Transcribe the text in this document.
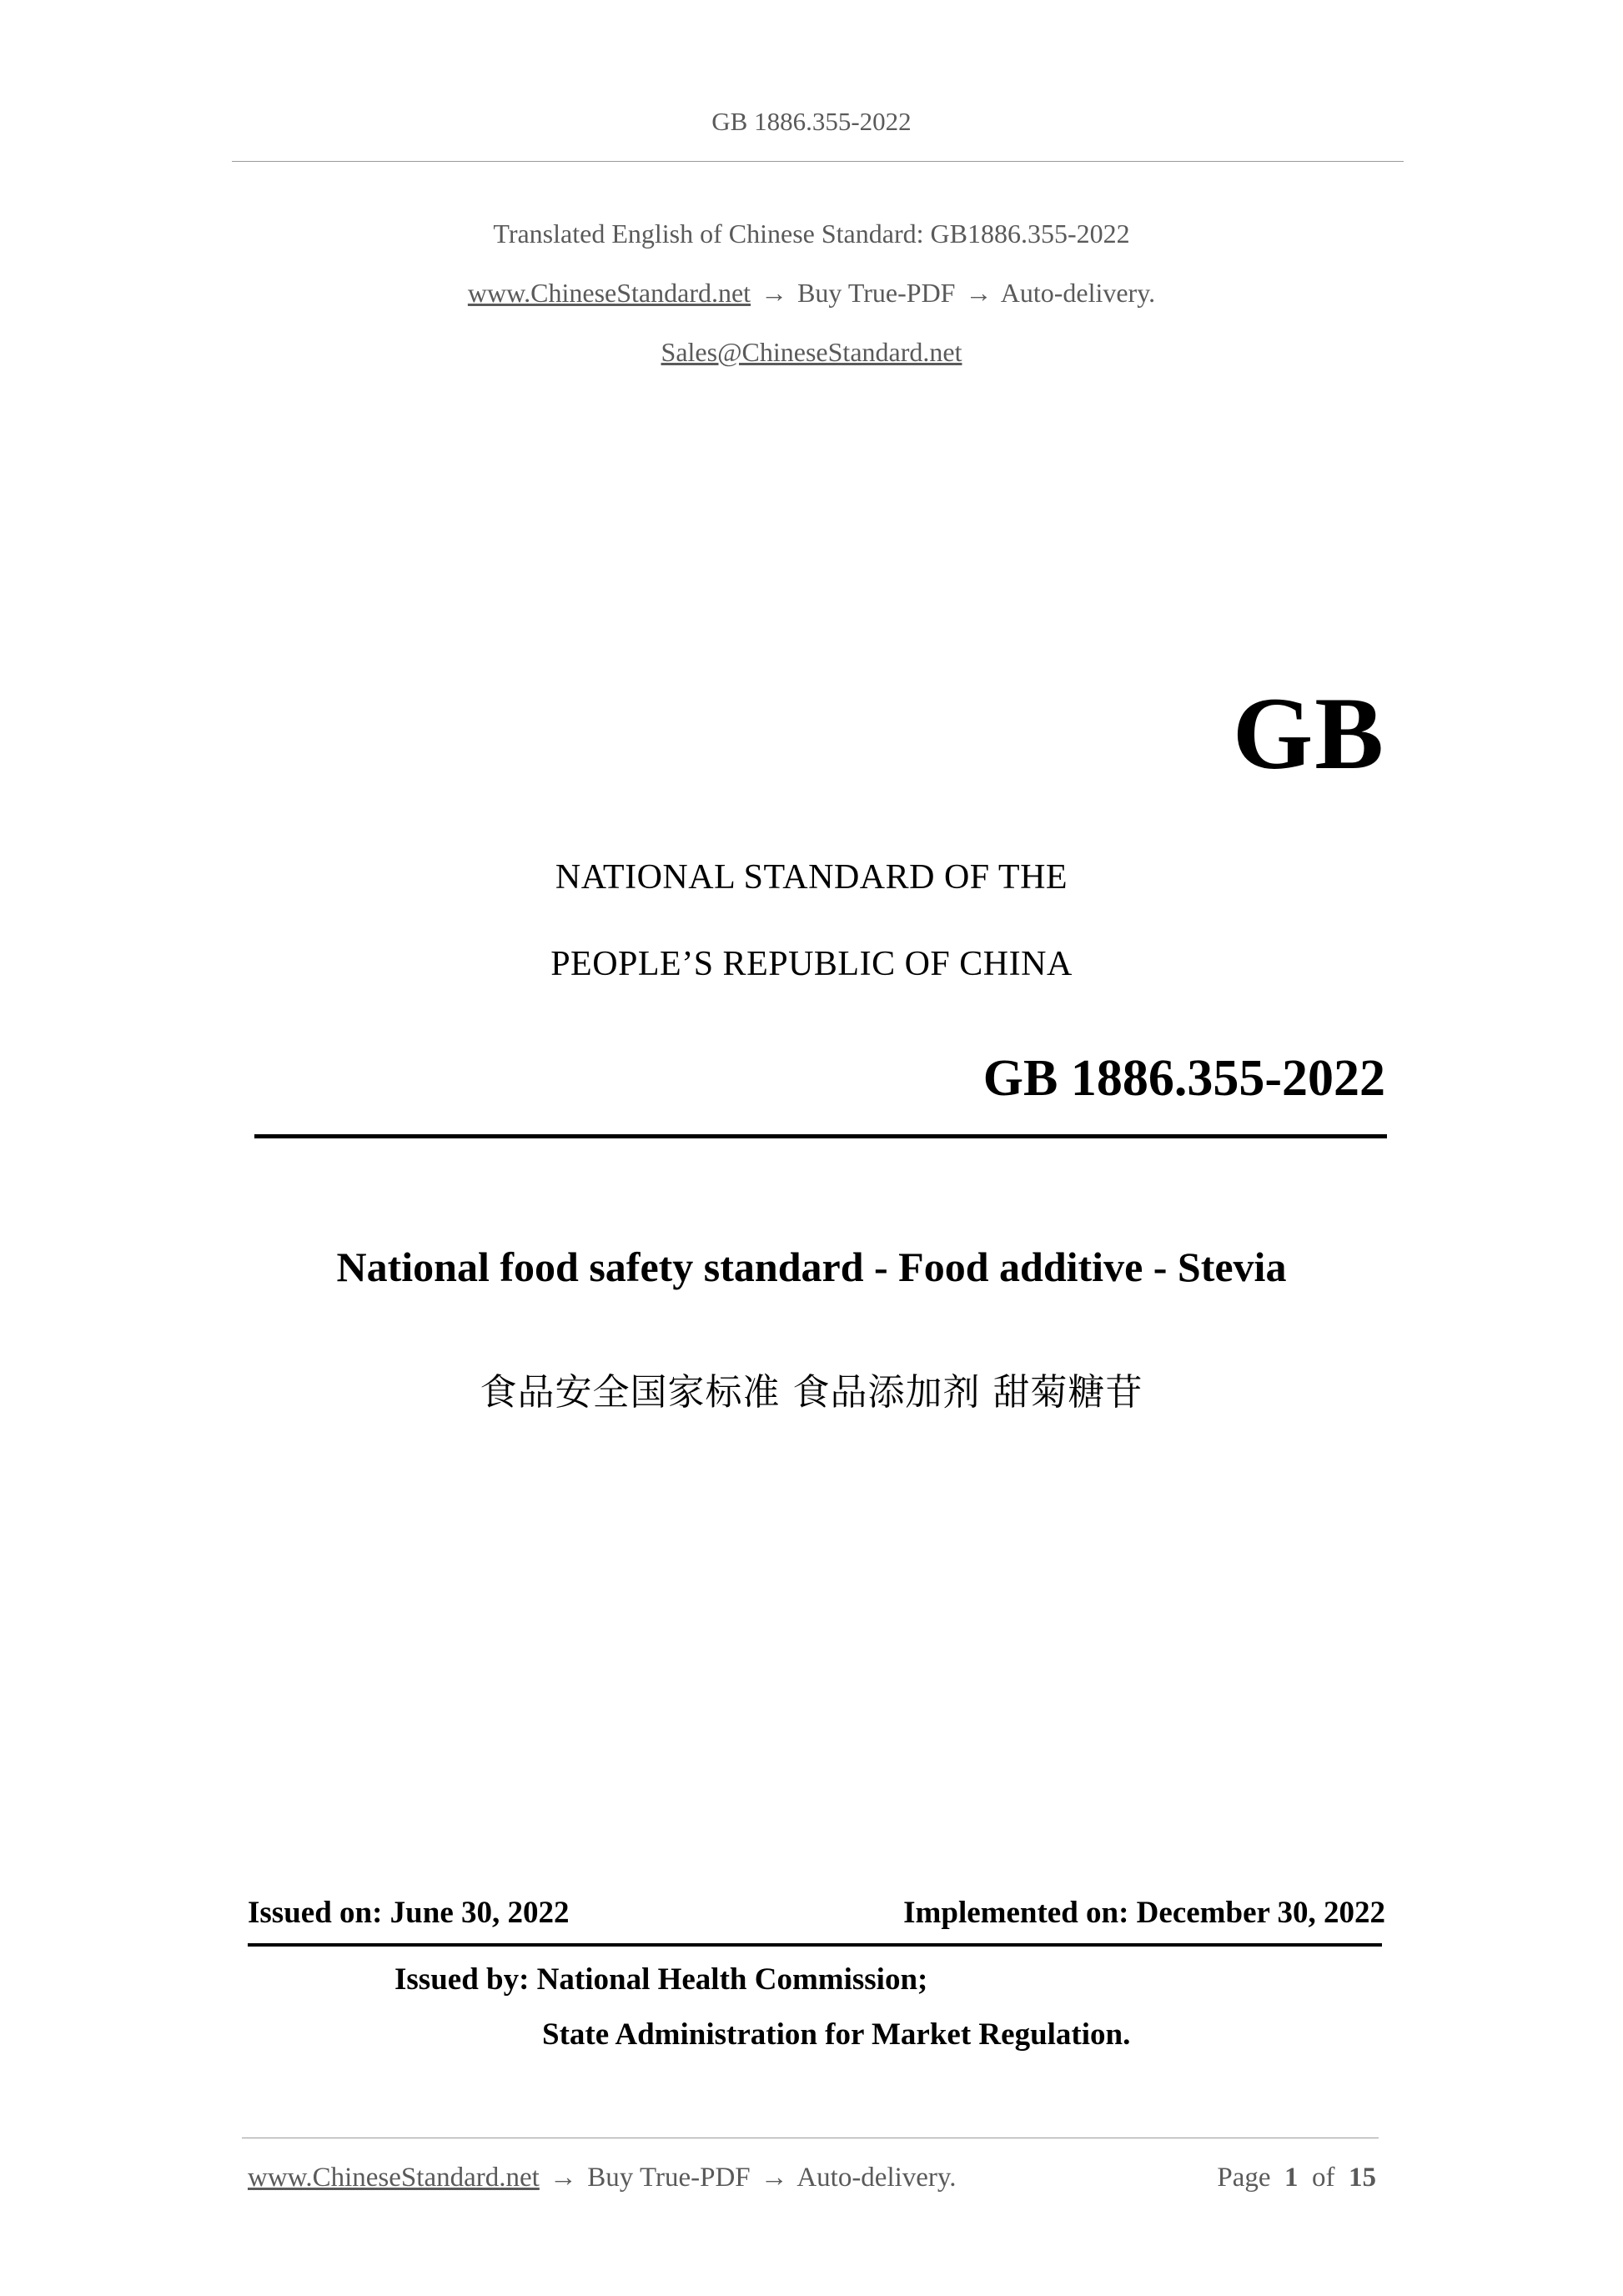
GB 1886.355-2022
Translated English of Chinese Standard: GB1886.355-2022
www.ChineseStandard.net → Buy True-PDF → Auto-delivery.
Sales@ChineseStandard.net
GB
NATIONAL STANDARD OF THE
PEOPLE’S REPUBLIC OF CHINA
GB 1886.355-2022
National food safety standard - Food additive - Stevia
食品安全国家标准 食品添加剂 甜菊糖苷
Issued on: June 30, 2022	Implemented on: December 30, 2022
Issued by: National Health Commission;
State Administration for Market Regulation.
www.ChineseStandard.net → Buy True-PDF → Auto-delivery.	Page 1 of 15
